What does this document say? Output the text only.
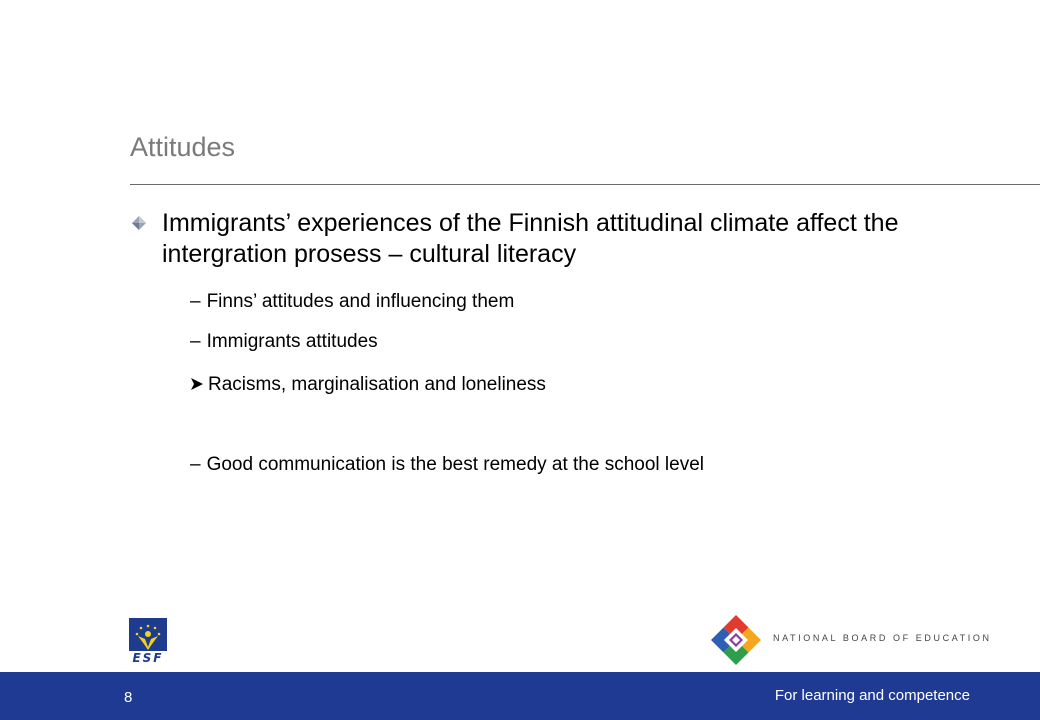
Attitudes
Immigrants’ experiences of the Finnish attitudinal climate affect the intergration prosess – cultural literacy
– Finns’ attitudes and influencing them
– Immigrants attitudes
Racisms, marginalisation and loneliness
– Good communication is the best remedy at the school level
ESF
NATIONAL BOARD OF EDUCATION
8	For learning and competence
